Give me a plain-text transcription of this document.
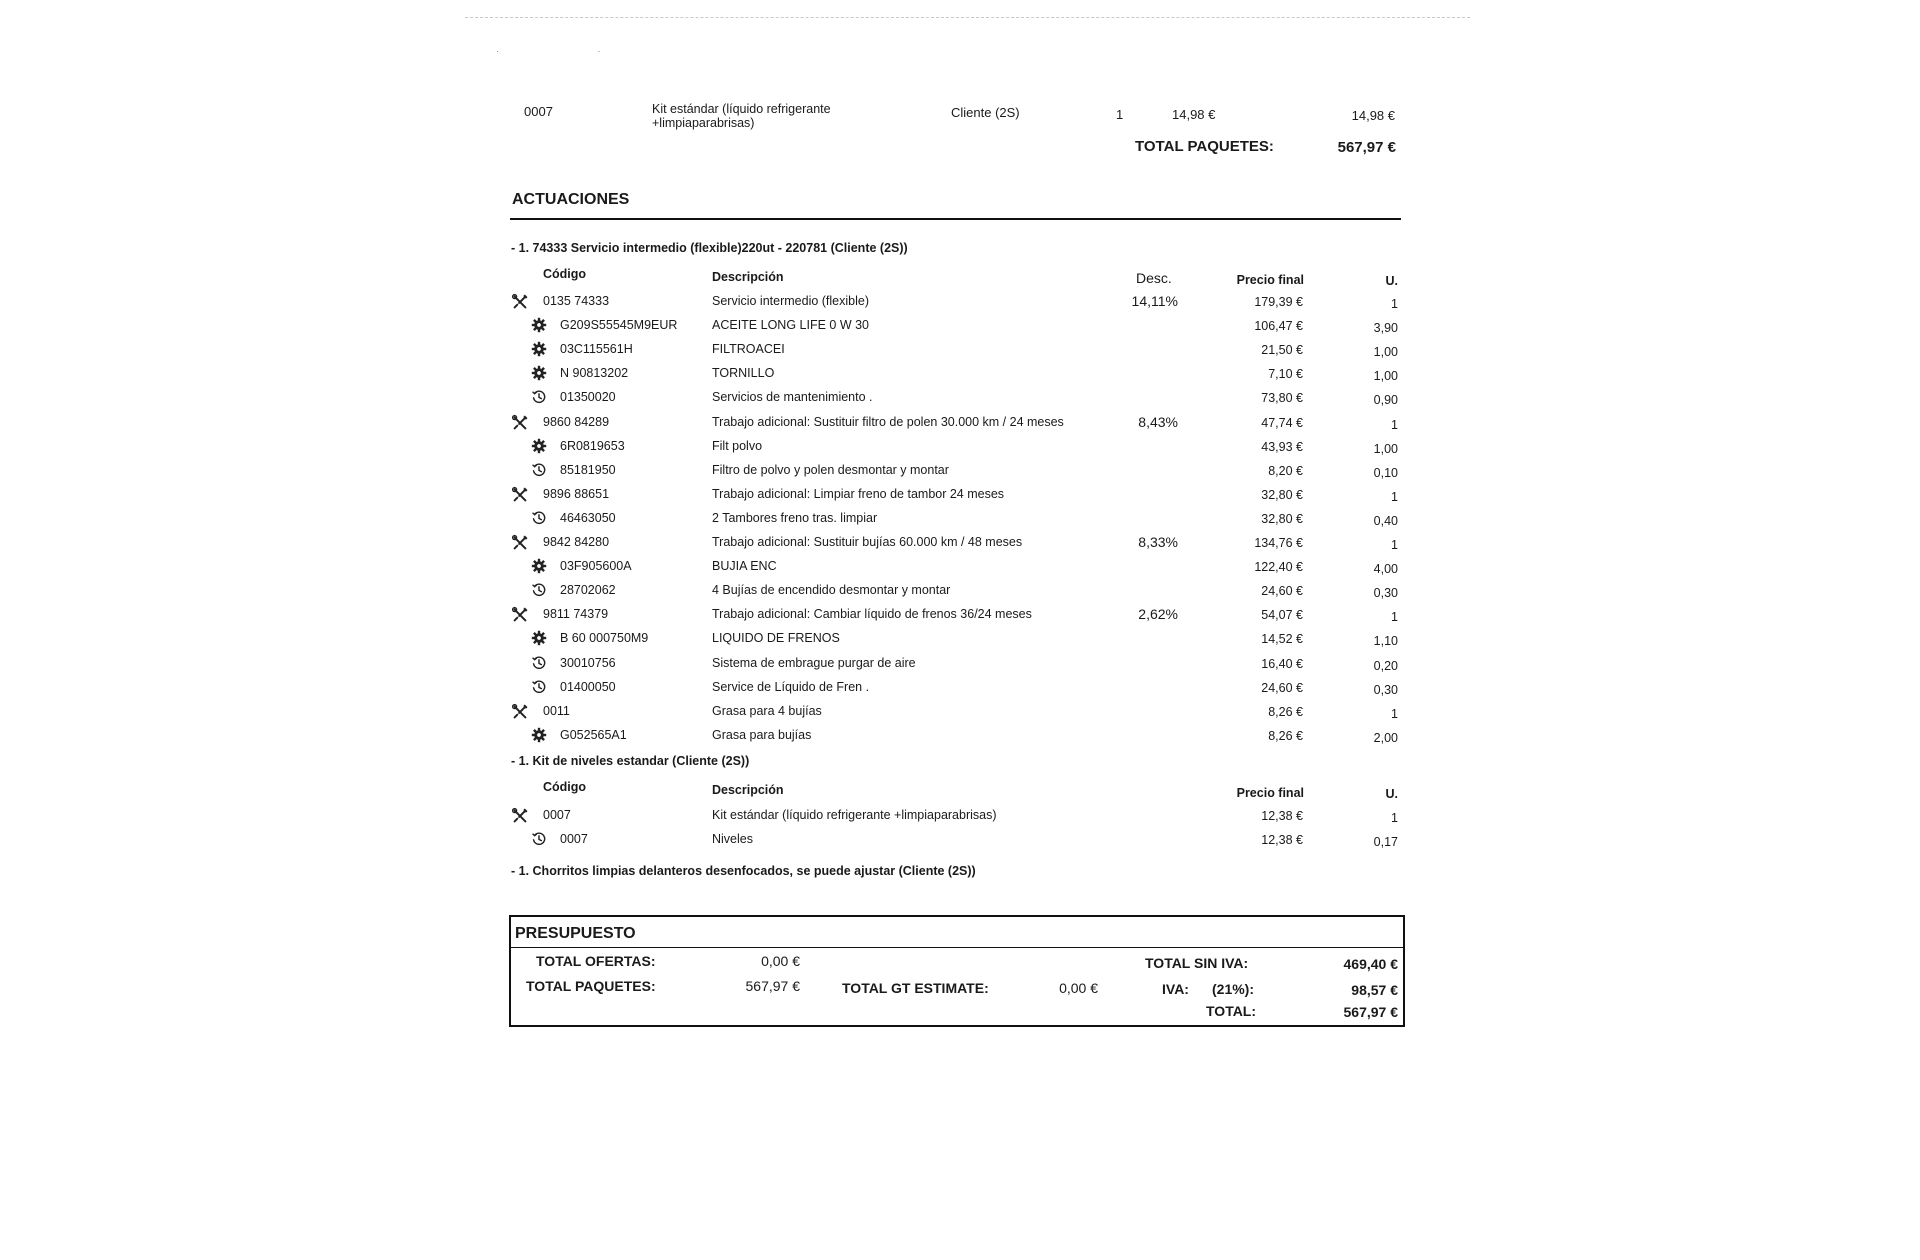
· ·
0007	Kit estándar (líquido refrigerante +limpiaparabrisas)
Cliente (2S)	1	14,98 €	14,98 €
TOTAL PAQUETES:	567,97 €
ACTUACIONES
- 1. 74333 Servicio intermedio (flexible)220ut - 220781 (Cliente (2S))
Código	Descripción	Desc.	Precio final	U.
0135 74333	Servicio intermedio (flexible)	14,11%	179,39 €	1
G209S55545M9EUR	ACEITE LONG LIFE 0 W 30	106,47 €	3,90
03C115561H	FILTROACEI	21,50 €	1,00
N 90813202	TORNILLO	7,10 €	1,00
01350020	Servicios de mantenimiento .	73,80 €	0,90
9860 84289	Trabajo adicional: Sustituir filtro de polen 30.000 km / 24 meses	8,43%	47,74 €	1
6R0819653	Filt polvo	43,93 €	1,00
85181950	Filtro de polvo y polen desmontar y montar	8,20 €	0,10
9896 88651	Trabajo adicional: Limpiar freno de tambor 24 meses	32,80 €	1
46463050	2 Tambores freno tras. limpiar	32,80 €	0,40
9842 84280	Trabajo adicional: Sustituir bujías 60.000 km / 48 meses	8,33%	134,76 €	1
03F905600A	BUJIA ENC	122,40 €	4,00
28702062	4 Bujías de encendido desmontar y montar	24,60 €	0,30
9811 74379	Trabajo adicional: Cambiar líquido de frenos 36/24 meses	2,62%	54,07 €	1
B 60 000750M9	LIQUIDO DE FRENOS	14,52 €	1,10
30010756	Sistema de embrague purgar de aire	16,40 €	0,20
01400050	Service de Líquido de Fren .	24,60 €	0,30
0011	Grasa para 4 bujías	8,26 €	1
G052565A1	Grasa para bujías	8,26 €	2,00
- 1. Kit de niveles estandar (Cliente (2S))
Código	Descripción	Precio final	U.
0007	Kit estándar (líquido refrigerante +limpiaparabrisas)	12,38 €	1
0007	Niveles	12,38 €	0,17
- 1. Chorritos limpias delanteros desenfocados, se puede ajustar (Cliente (2S))
PRESUPUESTO
TOTAL OFERTAS:	0,00 €
TOTAL PAQUETES:	567,97 €	TOTAL GT ESTIMATE:	0,00 €
TOTAL SIN IVA:	469,40 €
IVA: (21%):	98,57 €
TOTAL:	567,97 €
